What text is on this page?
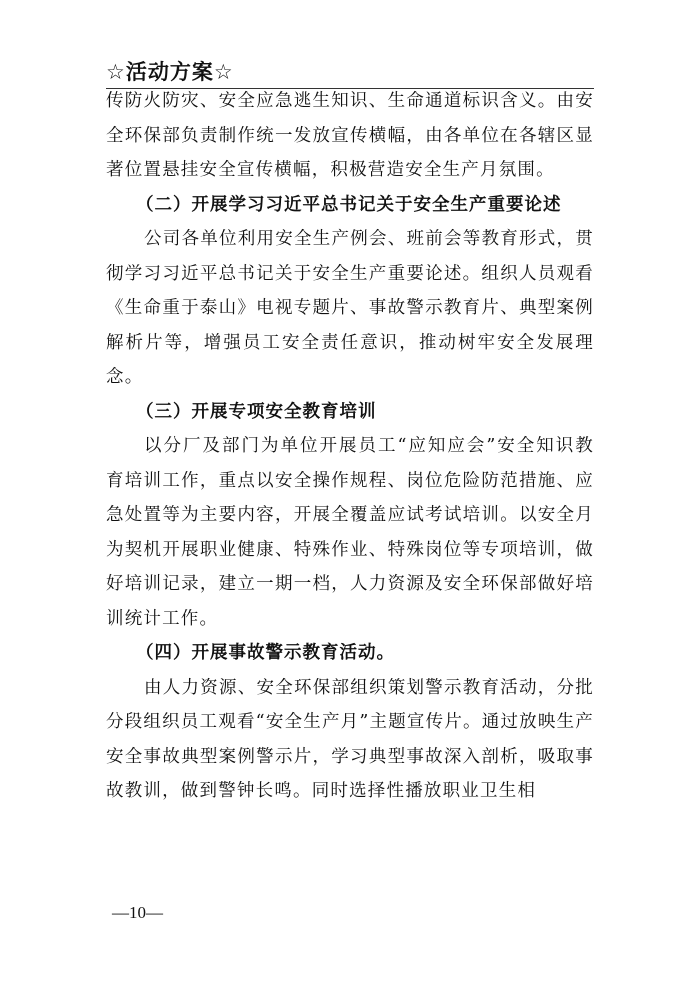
☆活动方案☆

传防火防灾、安全应急逃生知识、生命通道标识含义。由安全环保部负责制作统一发放宣传横幅，由各单位在各辖区显著位置悬挂安全宣传横幅，积极营造安全生产月氛围。

（二）开展学习习近平总书记关于安全生产重要论述

公司各单位利用安全生产例会、班前会等教育形式，贯彻学习习近平总书记关于安全生产重要论述。组织人员观看《生命重于泰山》电视专题片、事故警示教育片、典型案例解析片等，增强员工安全责任意识，推动树牢安全发展理念。

（三）开展专项安全教育培训

以分厂及部门为单位开展员工“应知应会”安全知识教育培训工作，重点以安全操作规程、岗位危险防范措施、应急处置等为主要内容，开展全覆盖应试考试培训。以安全月为契机开展职业健康、特殊作业、特殊岗位等专项培训，做好培训记录，建立一期一档，人力资源及安全环保部做好培训统计工作。

（四）开展事故警示教育活动。

由人力资源、安全环保部组织策划警示教育活动，分批分段组织员工观看“安全生产月”主题宣传片。通过放映生产安全事故典型案例警示片，学习典型事故深入剖析，吸取事故教训，做到警钟长鸣。同时选择性播放职业卫生相

—10—
